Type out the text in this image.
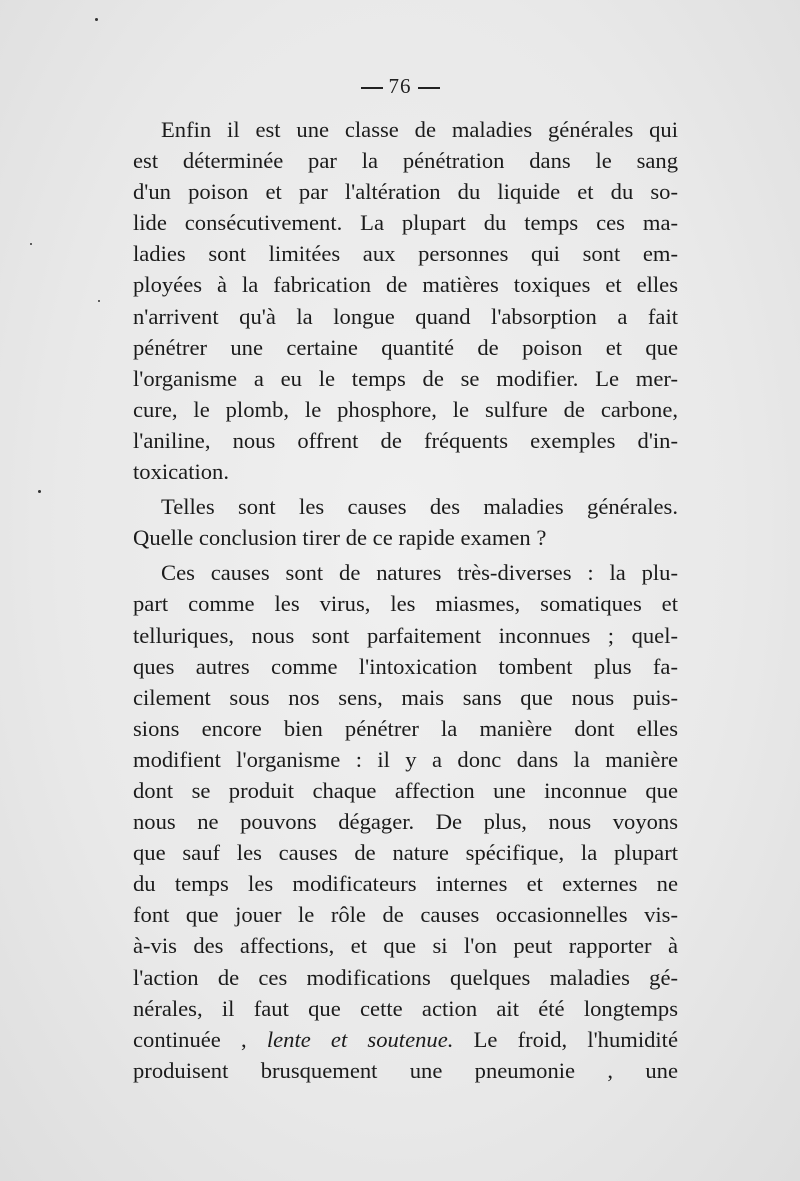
76
Enfin il est une classe de maladies générales qui
est déterminée par la pénétration dans le sang
d'un poison et par l'altération du liquide et du so-
lide consécutivement. La plupart du temps ces ma-
ladies sont limitées aux personnes qui sont em-
ployées à la fabrication de matières toxiques et elles
n'arrivent qu'à la longue quand l'absorption a fait
pénétrer une certaine quantité de poison et que
l'organisme a eu le temps de se modifier. Le mer-
cure, le plomb, le phosphore, le sulfure de carbone,
l'aniline, nous offrent de fréquents exemples d'in-
toxication.
Telles sont les causes des maladies générales.
Quelle conclusion tirer de ce rapide examen ?
Ces causes sont de natures très-diverses : la plu-
part comme les virus, les miasmes, somatiques et
telluriques, nous sont parfaitement inconnues ; quel-
ques autres comme l'intoxication tombent plus fa-
cilement sous nos sens, mais sans que nous puis-
sions encore bien pénétrer la manière dont elles
modifient l'organisme : il y a donc dans la manière
dont se produit chaque affection une inconnue que
nous ne pouvons dégager. De plus, nous voyons
que sauf les causes de nature spécifique, la plupart
du temps les modificateurs internes et externes ne
font que jouer le rôle de causes occasionnelles vis-
à-vis des affections, et que si l'on peut rapporter à
l'action de ces modifications quelques maladies gé-
nérales, il faut que cette action ait été longtemps
continuée , lente et soutenue. Le froid, l'humidité
produisent brusquement une pneumonie , une
